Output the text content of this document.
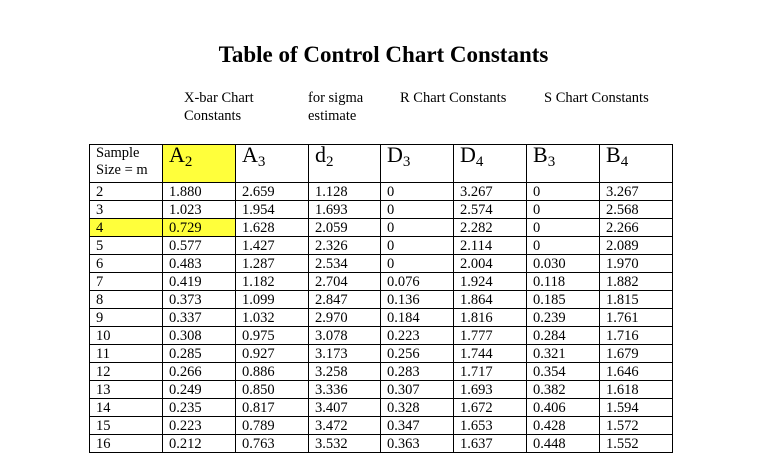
Table of Control Chart Constants
X-bar Chart
Constants
for sigma
estimate
R Chart Constants	S Chart Constants
Sample
Size = m	$A_2$	$A_3$	$d_2$	$D_3$	$D_4$	$B_3$	$B_4$
2	1.880	2.659	1.128	0	3.267	0	3.267
3	1.023	1.954	1.693	0	2.574	0	2.568
4	0.729	1.628	2.059	0	2.282	0	2.266
5	0.577	1.427	2.326	0	2.114	0	2.089
6	0.483	1.287	2.534	0	2.004	0.030	1.970
7	0.419	1.182	2.704	0.076	1.924	0.118	1.882
8	0.373	1.099	2.847	0.136	1.864	0.185	1.815
9	0.337	1.032	2.970	0.184	1.816	0.239	1.761
10	0.308	0.975	3.078	0.223	1.777	0.284	1.716
11	0.285	0.927	3.173	0.256	1.744	0.321	1.679
12	0.266	0.886	3.258	0.283	1.717	0.354	1.646
13	0.249	0.850	3.336	0.307	1.693	0.382	1.618
14	0.235	0.817	3.407	0.328	1.672	0.406	1.594
15	0.223	0.789	3.472	0.347	1.653	0.428	1.572
16	0.212	0.763	3.532	0.363	1.637	0.448	1.552
